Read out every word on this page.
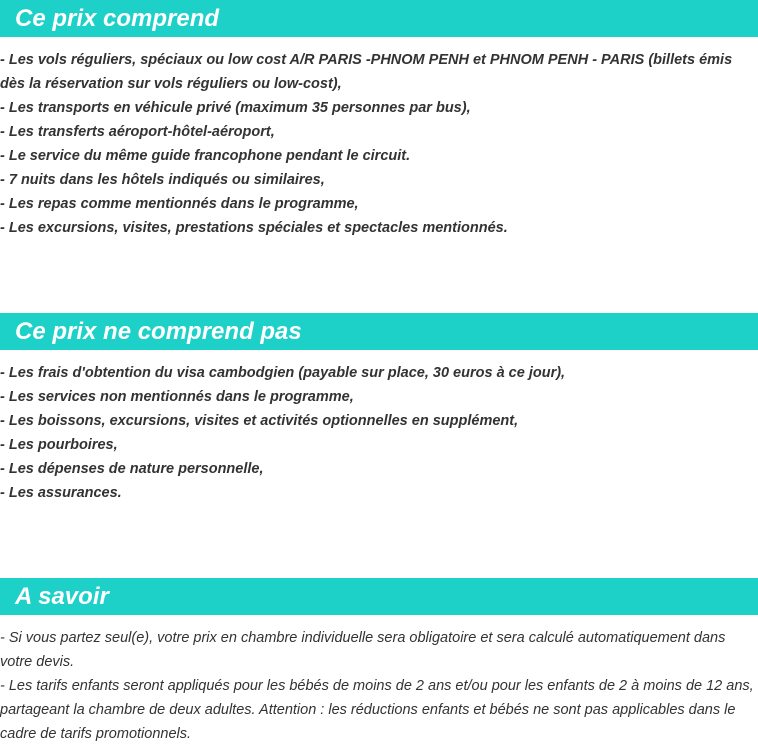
Ce prix comprend
- Les vols réguliers, spéciaux ou low cost A/R PARIS -PHNOM PENH et PHNOM PENH - PARIS (billets émis dès la réservation sur vols réguliers ou low-cost),
- Les transports en véhicule privé (maximum 35 personnes par bus),
- Les transferts aéroport-hôtel-aéroport,
- Le service du même guide francophone pendant le circuit.
- 7 nuits dans les hôtels indiqués ou similaires,
- Les repas comme mentionnés dans le programme,
- Les excursions, visites, prestations spéciales et spectacles mentionnés.
Ce prix ne comprend pas
- Les frais d'obtention du visa cambodgien (payable sur place, 30 euros à ce jour),
- Les services non mentionnés dans le programme,
- Les boissons, excursions, visites et activités optionnelles en supplément,
- Les pourboires,
- Les dépenses de nature personnelle,
- Les assurances.
A savoir
- Si vous partez seul(e), votre prix en chambre individuelle sera obligatoire et sera calculé automatiquement dans votre devis.
- Les tarifs enfants seront appliqués pour les bébés de moins de 2 ans et/ou pour les enfants de 2 à moins de 12 ans, partageant la chambre de deux adultes. Attention : les réductions enfants et bébés ne sont pas applicables dans le cadre de tarifs promotionnels.
